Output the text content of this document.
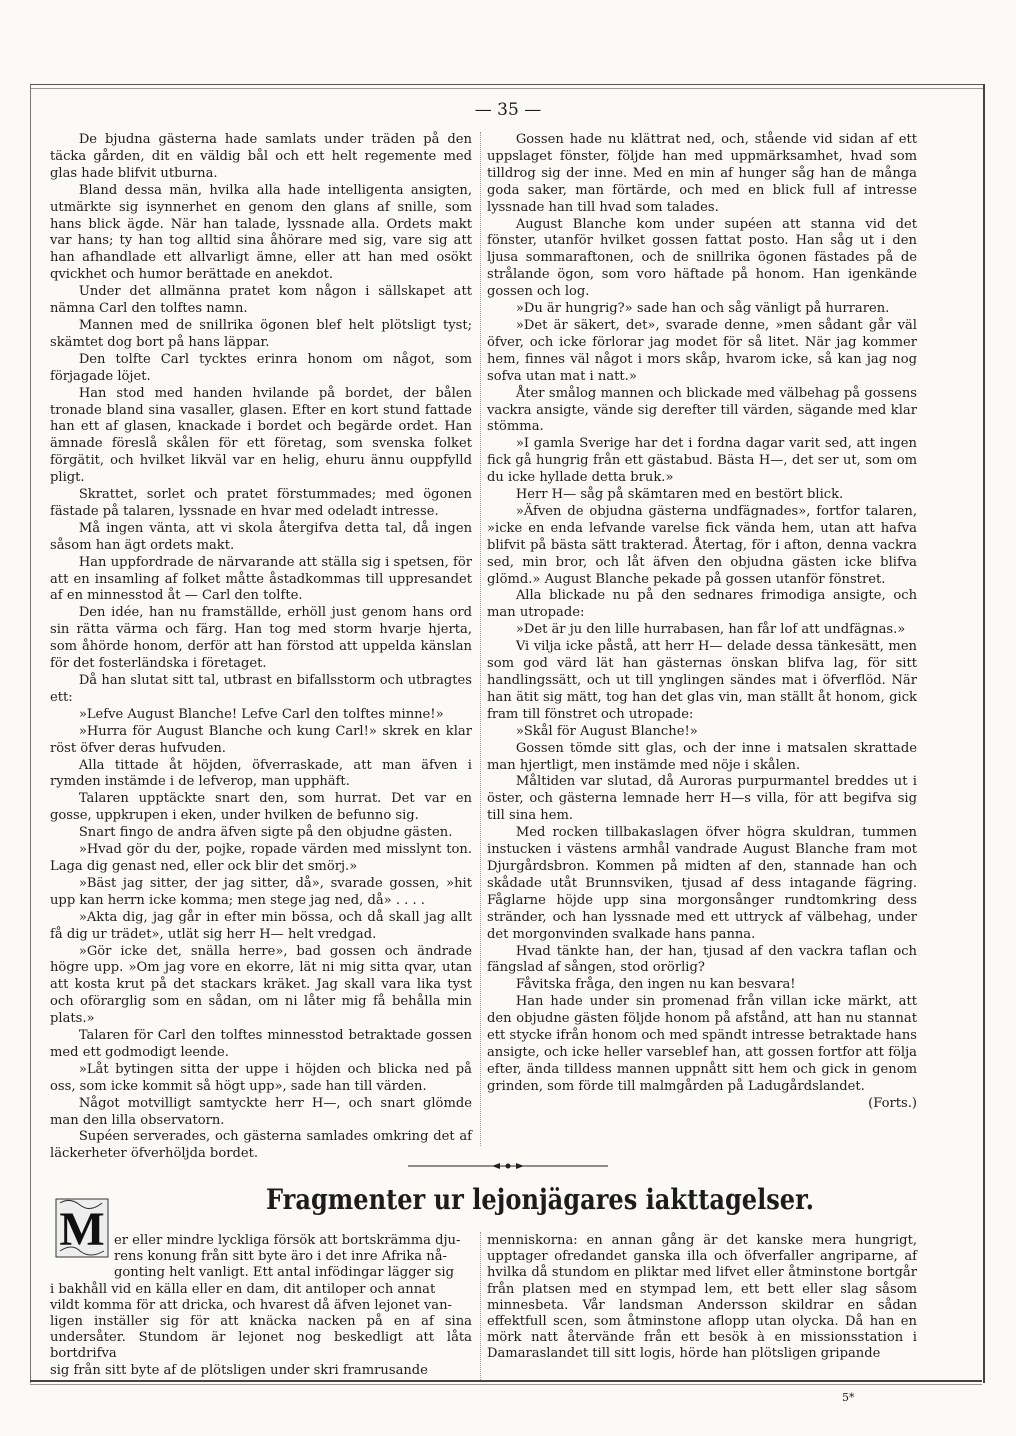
— 35 —

De bjudna gästerna hade samlats under träden på den täcka gården, dit en väldig bål och ett helt regemente med glas hade blifvit utburna.

Bland dessa män, hvilka alla hade intelligenta ansigten, utmärkte sig isynnerhet en genom den glans af snille, som hans blick ägde. När han talade, lyssnade alla. Ordets makt var hans; ty han tog alltid sina åhörare med sig, vare sig att han afhandlade ett allvarligt ämne, eller att han med osökt qvickhet och humor berättade en anekdot.

Under det allmänna pratet kom någon i sällskapet att nämna Carl den tolftes namn.

Mannen med de snillrika ögonen blef helt plötsligt tyst; skämtet dog bort på hans läppar.

Den tolfte Carl tycktes erinra honom om något, som förjagade löjet.

Han stod med handen hvilande på bordet, der bålen tronade bland sina vasaller, glasen. Efter en kort stund fattade han ett af glasen, knackade i bordet och begärde ordet. Han ämnade föreslå skålen för ett företag, som svenska folket förgätit, och hvilket likväl var en helig, ehuru ännu ouppfylld pligt.

Skrattet, sorlet och pratet förstummades; med ögonen fästade på talaren, lyssnade en hvar med odeladt intresse.

Må ingen vänta, att vi skola återgifva detta tal, då ingen såsom han ägt ordets makt.

Han uppfordrade de närvarande att ställa sig i spetsen, för att en insamling af folket måtte åstadkommas till uppresandet af en minnesstod åt — Carl den tolfte.

Den idée, han nu framställde, erhöll just genom hans ord sin rätta värma och färg. Han tog med storm hvarje hjerta, som åhörde honom, derför att han förstod att uppelda känslan för det fosterländska i företaget.

Då han slutat sitt tal, utbrast en bifallsstorm och utbragtes ett:

»Lefve August Blanche! Lefve Carl den tolftes minne!»

»Hurra för August Blanche och kung Carl!» skrek en klar röst öfver deras hufvuden.

Alla tittade åt höjden, öfverraskade, att man äfven i rymden instämde i de lefverop, man upphäft.

Talaren upptäckte snart den, som hurrat. Det var en gosse, uppkrupen i eken, under hvilken de befunno sig.

Snart fingo de andra äfven sigte på den objudne gästen.

»Hvad gör du der, pojke, ropade värden med misslynt ton. Laga dig genast ned, eller ock blir det smörj.»

»Bäst jag sitter, der jag sitter, då», svarade gossen, »hit upp kan herrn icke komma; men stege jag ned, då» . . . .

»Akta dig, jag går in efter min bössa, och då skall jag allt få dig ur trädet», utlät sig herr H— helt vredgad.

»Gör icke det, snälla herre», bad gossen och ändrade högre upp. »Om jag vore en ekorre, lät ni mig sitta qvar, utan att kosta krut på det stackars kräket. Jag skall vara lika tyst och oförarglig som en sådan, om ni låter mig få behålla min plats.»

Talaren för Carl den tolftes minnesstod betraktade gossen med ett godmodigt leende.

»Låt bytingen sitta der uppe i höjden och blicka ned på oss, som icke kommit så högt upp», sade han till värden.

Något motvilligt samtyckte herr H—, och snart glömde man den lilla observatorn.

Supéen serverades, och gästerna samlades omkring det af läckerheter öfverhöljda bordet.

Gossen hade nu klättrat ned, och, stående vid sidan af ett uppslaget fönster, följde han med uppmärksamhet, hvad som tilldrog sig der inne. Med en min af hunger såg han de många goda saker, man förtärde, och med en blick full af intresse lyssnade han till hvad som talades.

August Blanche kom under supéen att stanna vid det fönster, utanför hvilket gossen fattat posto. Han såg ut i den ljusa sommaraftonen, och de snillrika ögonen fästades på de strålande ögon, som voro häftade på honom. Han igenkände gossen och log.

»Du är hungrig?» sade han och såg vänligt på hurraren.

»Det är säkert, det», svarade denne, »men sådant går väl öfver, och icke förlorar jag modet för så litet. När jag kommer hem, finnes väl något i mors skåp, hvarom icke, så kan jag nog sofva utan mat i natt.»

Åter smålog mannen och blickade med välbehag på gossens vackra ansigte, vände sig derefter till värden, sägande med klar stömma.

»I gamla Sverige har det i fordna dagar varit sed, att ingen fick gå hungrig från ett gästabud. Bästa H—, det ser ut, som om du icke hyllade detta bruk.»

Herr H— såg på skämtaren med en bestört blick.

»Äfven de objudna gästerna undfägnades», fortfor talaren, »icke en enda lefvande varelse fick vända hem, utan att hafva blifvit på bästa sätt trakterad. Återtag, för i afton, denna vackra sed, min bror, och låt äfven den objudna gästen icke blifva glömd.» August Blanche pekade på gossen utanför fönstret.

Alla blickade nu på den sednares frimodiga ansigte, och man utropade:

»Det är ju den lille hurrabasen, han får lof att undfägnas.»

Vi vilja icke påstå, att herr H— delade dessa tänkesätt, men som god värd lät han gästernas önskan blifva lag, för sitt handlingssätt, och ut till ynglingen sändes mat i öfverflöd. När han ätit sig mätt, tog han det glas vin, man ställt åt honom, gick fram till fönstret och utropade:

»Skål för August Blanche!»

Gossen tömde sitt glas, och der inne i matsalen skrattade man hjertligt, men instämde med nöje i skålen.

Måltiden var slutad, då Auroras purpurmantel breddes ut i öster, och gästerna lemnade herr H—s villa, för att begifva sig till sina hem.

Med rocken tillbakaslagen öfver högra skuldran, tummen instucken i västens armhål vandrade August Blanche fram mot Djurgårdsbron. Kommen på midten af den, stannade han och skådade utåt Brunnsviken, tjusad af dess intagande fägring. Fåglarne höjde upp sina morgonsånger rundtomkring dess stränder, och han lyssnade med ett uttryck af välbehag, under det morgonvinden svalkade hans panna.

Hvad tänkte han, der han, tjusad af den vackra taflan och fängslad af sången, stod orörlig?

Fåvitska fråga, den ingen nu kan besvara!

Han hade under sin promenad från villan icke märkt, att den objudne gästen följde honom på afstånd, att han nu stannat ett stycke ifrån honom och med spändt intresse betraktade hans ansigte, och icke heller varseblef han, att gossen fortfor att följa efter, ända tilldess mannen uppnått sitt hem och gick in genom grinden, som förde till malmgården på Ladugårdslandet.
(Forts.)

Fragmenter ur lejonjägares iakttagelser.
M er eller mindre lyckliga försök att bortskrämma dju-
rens konung från sitt byte äro i det inre Afrika nå-
gonting helt vanligt. Ett antal infödingar lägger sig
i bakhåll vid en källa eller en dam, dit antiloper och annat
vildt komma för att dricka, och hvarest då äfven lejonet van-

ligen inställer sig för att knäcka nacken på en af sina undersåter. Stundom är lejonet nog beskedligt att låta bortdrifva

sig från sitt byte af de plötsligen under skri framrusande

menniskorna: en annan gång är det kanske mera hungrigt, upptager ofredandet ganska illa och öfverfaller angriparne, af hvilka då stundom en pliktar med lifvet eller åtminstone bortgår från platsen med en stympad lem, ett bett eller slag såsom minnesbeta. Vår landsman Andersson skildrar en sådan effektfull scen, som åtminstone aflopp utan olycka. Då han en mörk natt återvände från ett besök à en missionsstation i Damaraslandet till sitt logis, hörde han plötsligen gripande

5*
